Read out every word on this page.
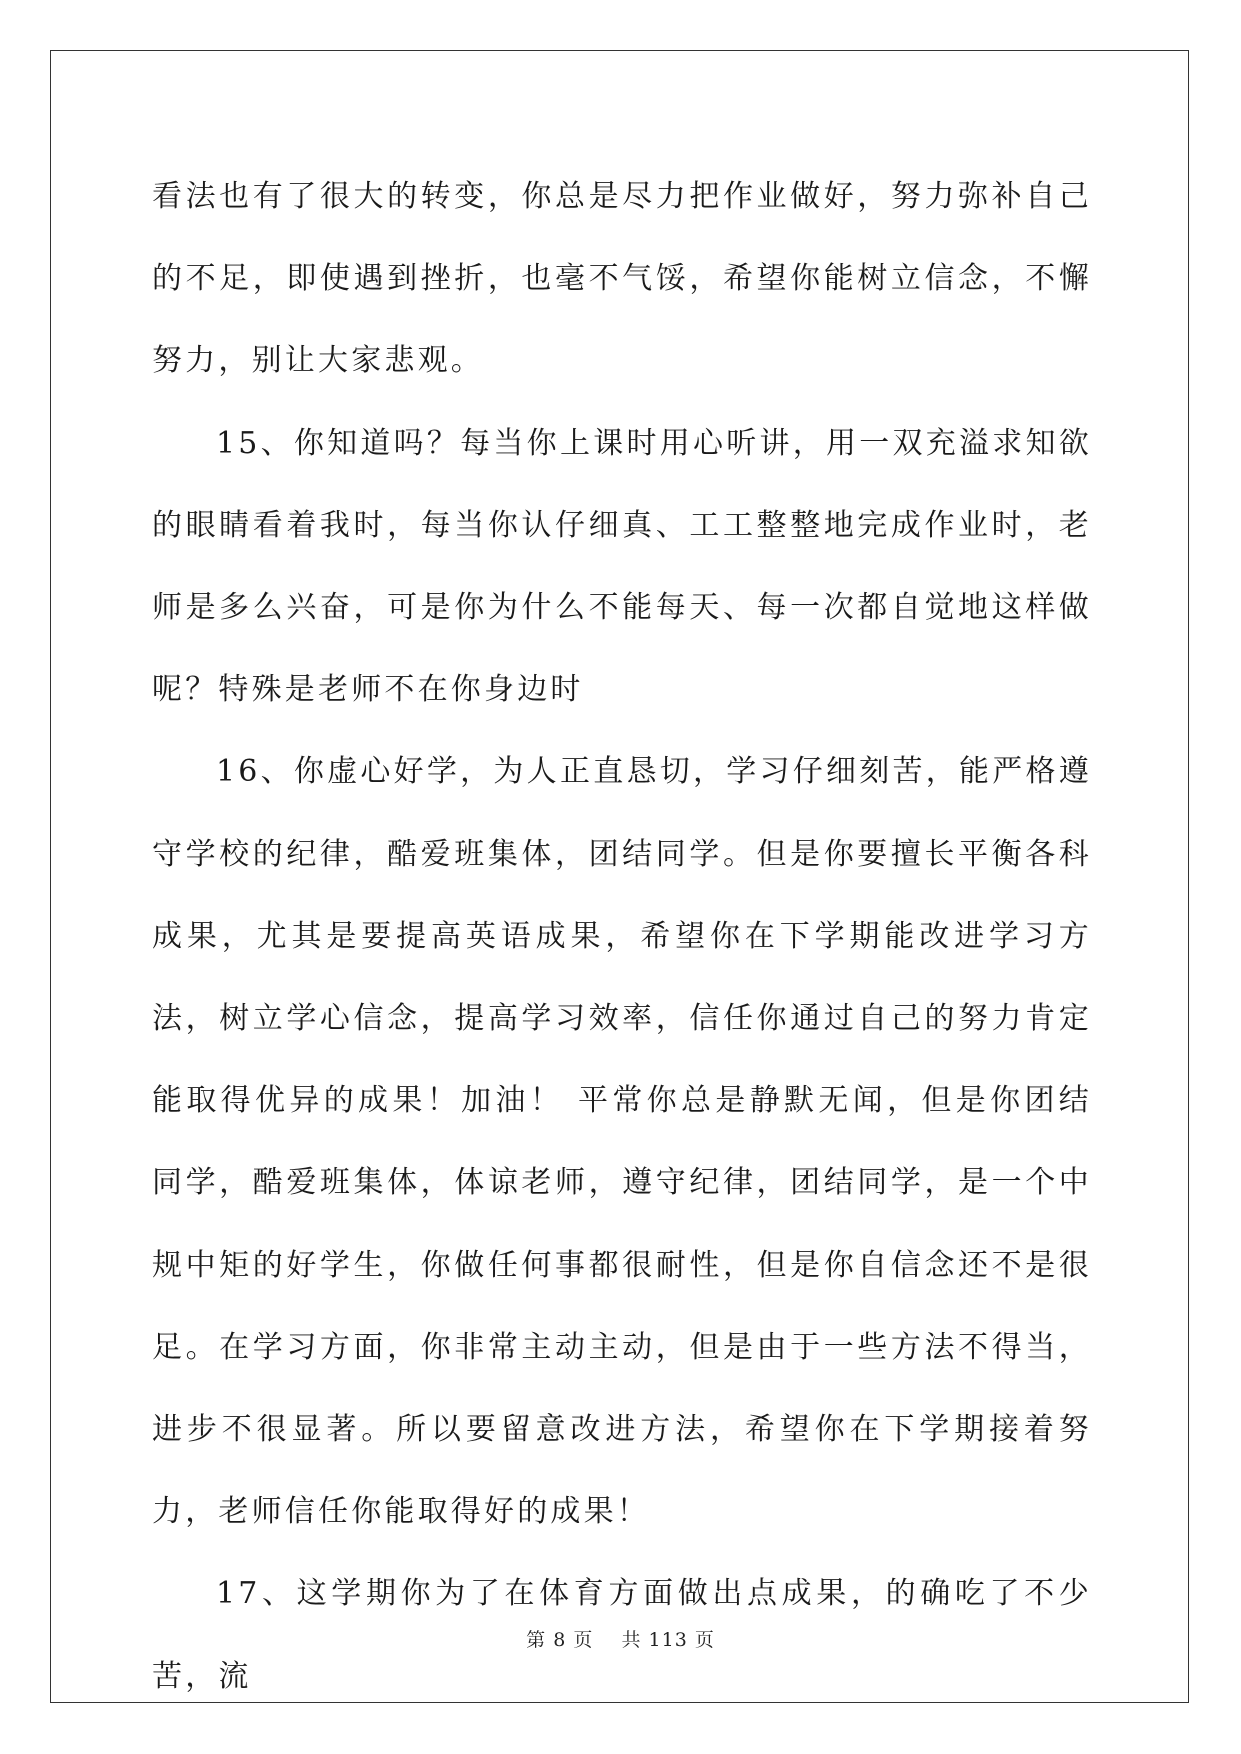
看法也有了很大的转变，你总是尽力把作业做好，努力弥补自己的不足，即使遇到挫折，也毫不气馁，希望你能树立信念，不懈努力，别让大家悲观。

15、你知道吗？每当你上课时用心听讲，用一双充溢求知欲的眼睛看着我时，每当你认仔细真、工工整整地完成作业时，老师是多么兴奋，可是你为什么不能每天、每一次都自觉地这样做呢？特殊是老师不在你身边时

16、你虚心好学，为人正直恳切，学习仔细刻苦，能严格遵守学校的纪律，酷爱班集体，团结同学。但是你要擅长平衡各科成果，尤其是要提高英语成果，希望你在下学期能改进学习方法，树立学心信念，提高学习效率，信任你通过自己的努力肯定能取得优异的成果！加油！ 平常你总是静默无闻，但是你团结同学，酷爱班集体，体谅老师，遵守纪律，团结同学，是一个中规中矩的好学生，你做任何事都很耐性，但是你自信念还不是很足。在学习方面，你非常主动主动，但是由于一些方法不得当，进步不很显著。所以要留意改进方法，希望你在下学期接着努力，老师信任你能取得好的成果！

17、这学期你为了在体育方面做出点成果，的确吃了不少苦，流

第 8 页    共 113 页
